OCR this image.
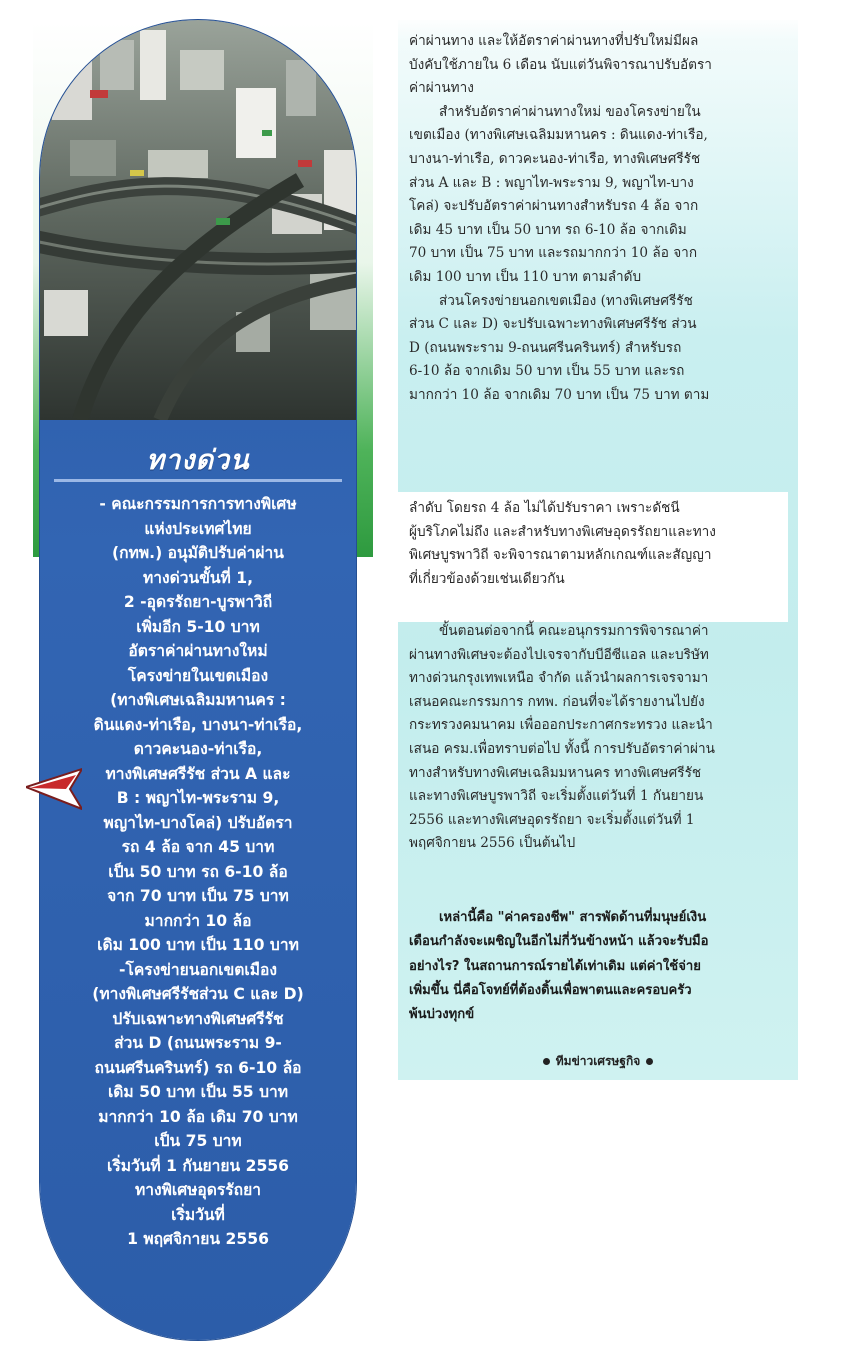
ทางด่วน
- คณะกรรมการการทางพิเศษ
แห่งประเทศไทย
(กทพ.) อนุมัติปรับค่าผ่าน
ทางด่วนขั้นที่ 1,
2 -อุดรรัถยา-บูรพาวิถี
เพิ่มอีก 5-10 บาท
อัตราค่าผ่านทางใหม่
โครงข่ายในเขตเมือง
(ทางพิเศษเฉลิมมหานคร :
ดินแดง-ท่าเรือ, บางนา-ท่าเรือ,
ดาวคะนอง-ท่าเรือ,
ทางพิเศษศรีรัช ส่วน A และ
B : พญาไท-พระราม 9,
พญาไท-บางโคล่) ปรับอัตรา
รถ 4 ล้อ จาก 45 บาท
เป็น 50 บาท รถ 6-10 ล้อ
จาก 70 บาท เป็น 75 บาท
มากกว่า 10 ล้อ
เดิม 100 บาท เป็น 110 บาท
-โครงข่ายนอกเขตเมือง
(ทางพิเศษศรีรัชส่วน C และ D)
ปรับเฉพาะทางพิเศษศรีรัช
ส่วน D (ถนนพระราม 9-
ถนนศรีนครินทร์) รถ 6-10 ล้อ
เดิม 50 บาท เป็น 55 บาท
มากกว่า 10 ล้อ เดิม 70 บาท
เป็น 75 บาท
เริ่มวันที่ 1 กันยายน 2556
ทางพิเศษอุดรรัถยา
เริ่มวันที่
1 พฤศจิกายน 2556
ค่าผ่านทาง และให้อัตราค่าผ่านทางที่ปรับใหม่มีผล
บังคับใช้ภายใน 6 เดือน นับแต่วันพิจารณาปรับอัตรา
ค่าผ่านทาง
สำหรับอัตราค่าผ่านทางใหม่ ของโครงข่ายใน
เขตเมือง (ทางพิเศษเฉลิมมหานคร : ดินแดง-ท่าเรือ,
บางนา-ท่าเรือ, ดาวคะนอง-ท่าเรือ, ทางพิเศษศรีรัช
ส่วน A และ B : พญาไท-พระราม 9, พญาไท-บาง
โคล่) จะปรับอัตราค่าผ่านทางสำหรับรถ 4 ล้อ จาก
เดิม 45 บาท เป็น 50 บาท รถ 6-10 ล้อ จากเดิม
70 บาท เป็น 75 บาท และรถมากกว่า 10 ล้อ จาก
เดิม 100 บาท เป็น 110 บาท ตามลำดับ
ส่วนโครงข่ายนอกเขตเมือง (ทางพิเศษศรีรัช
ส่วน C และ D) จะปรับเฉพาะทางพิเศษศรีรัช ส่วน
D (ถนนพระราม 9-ถนนศรีนครินทร์) สำหรับรถ
6-10 ล้อ จากเดิม 50 บาท เป็น 55 บาท และรถ
มากกว่า 10 ล้อ จากเดิม 70 บาท เป็น 75 บาท ตาม
ลำดับ โดยรถ 4 ล้อ ไม่ได้ปรับราคา เพราะดัชนี
ผู้บริโภคไม่ถึง และสำหรับทางพิเศษอุดรรัถยาและทาง
พิเศษบูรพาวิถี จะพิจารณาตามหลักเกณฑ์และสัญญา
ที่เกี่ยวข้องด้วยเช่นเดียวกัน
ขั้นตอนต่อจากนี้ คณะอนุกรรมการพิจารณาค่า
ผ่านทางพิเศษจะต้องไปเจรจากับบีอีซีแอล และบริษัท
ทางด่วนกรุงเทพเหนือ จำกัด แล้วนำผลการเจรจามา
เสนอคณะกรรมการ กทพ. ก่อนที่จะได้รายงานไปยัง
กระทรวงคมนาคม เพื่อออกประกาศกระทรวง และนำ
เสนอ ครม.เพื่อทราบต่อไป ทั้งนี้ การปรับอัตราค่าผ่าน
ทางสำหรับทางพิเศษเฉลิมมหานคร ทางพิเศษศรีรัช
และทางพิเศษบูรพาวิถี จะเริ่มตั้งแต่วันที่ 1 กันยายน
2556 และทางพิเศษอุดรรัถยา จะเริ่มตั้งแต่วันที่ 1
พฤศจิกายน 2556 เป็นต้นไป
เหล่านี้คือ "ค่าครองชีพ" สารพัดด้านที่มนุษย์เงิน
เดือนกำลังจะเผชิญในอีกไม่กี่วันข้างหน้า แล้วจะรับมือ
อย่างไร? ในสถานการณ์รายได้เท่าเดิม แต่ค่าใช้จ่าย
เพิ่มขึ้น นี่คือโจทย์ที่ต้องดิ้นเพื่อพาตนและครอบครัว
พ้นบ่วงทุกข์
ทีมข่าวเศรษฐกิจ
